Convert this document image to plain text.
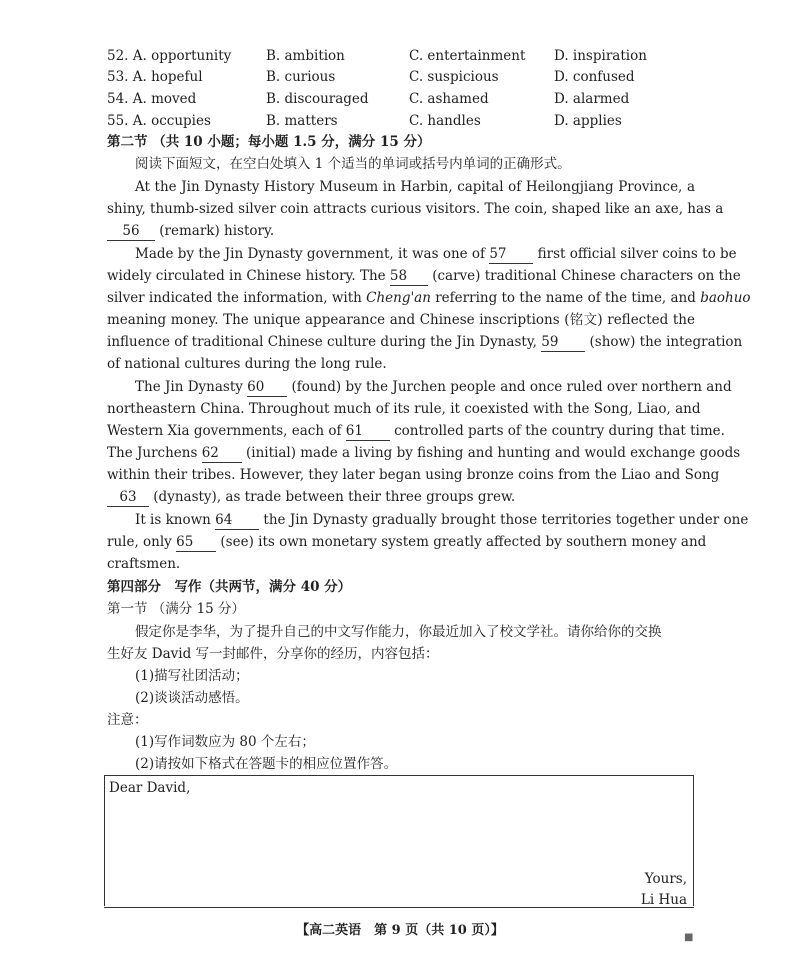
52. A. opportunity	B. ambition	C. entertainment D. inspiration
53. A. hopeful	B. curious	C. suspicious	D. confused
54. A. moved	B. discouraged	C. ashamed	D. alarmed
55. A. occupies	B. matters	C. handles	D. applies
第二节 （共 10 小题；每小题 1.5 分，满分 15 分）
阅读下面短文，在空白处填入 1 个适当的单词或括号内单词的正确形式。
At the Jin Dynasty History Museum in Harbin, capital of Heilongjiang Province, a
shiny, thumb-sized silver coin attracts curious visitors. The coin, shaped like an axe, has a
56 (remark) history.
Made by the Jin Dynasty government, it was one of 57 first official silver coins to be
widely circulated in Chinese history. The 58 (carve) traditional Chinese characters on the
silver indicated the information, with Cheng'an referring to the name of the time, and baohuo
meaning money. The unique appearance and Chinese inscriptions (铭文) reflected the
influence of traditional Chinese culture during the Jin Dynasty, 59 (show) the integration
of national cultures during the long rule.
The Jin Dynasty 60 (found) by the Jurchen people and once ruled over northern and
northeastern China. Throughout much of its rule, it coexisted with the Song, Liao, and
Western Xia governments, each of 61 controlled parts of the country during that time.
The Jurchens 62 (initial) made a living by fishing and hunting and would exchange goods
within their tribes. However, they later began using bronze coins from the Liao and Song
63 (dynasty), as trade between their three groups grew.
It is known 64 the Jin Dynasty gradually brought those territories together under one
rule, only 65 (see) its own monetary system greatly affected by southern money and
craftsmen.
第四部分　写作（共两节，满分 40 分）
第一节 （满分 15 分）
假定你是李华，为了提升自己的中文写作能力，你最近加入了校文学社。请你给你的交换
生好友 David 写一封邮件，分享你的经历，内容包括：
(1)描写社团活动；
(2)谈谈活动感悟。
注意：
(1)写作词数应为 80 个左右；
(2)请按如下格式在答题卡的相应位置作答。
Dear David,
Yours,
Li Hua
【高二英语　第 9 页（共 10 页）】	■
